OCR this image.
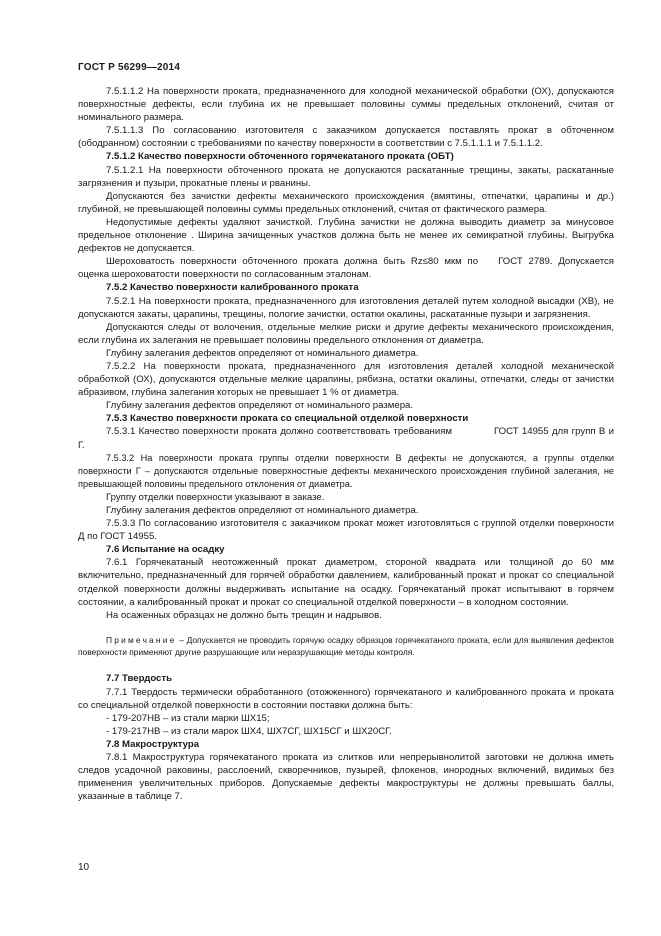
ГОСТ Р 56299—2014

7.5.1.1.2 На поверхности проката, предназначенного для холодной механической обработки (ОХ), допускаются поверхностные дефекты, если глубина их не превышает половины суммы предельных отклонений, считая от номинального размера.

7.5.1.1.3 По согласованию изготовителя с заказчиком допускается поставлять прокат в обточенном (ободранном) состоянии с требованиями по качеству поверхности в соответствии с 7.5.1.1.1 и 7.5.1.1.2.

7.5.1.2 Качество поверхности обточенного горячекатаного проката (ОБТ)

7.5.1.2.1 На поверхности обточенного проката не допускаются раскатанные трещины, закаты, раскатанные загрязнения и пузыри, прокатные плены и рванины.

Допускаются без зачистки дефекты механического происхождения (вмятины, отпечатки, царапины и др.) глубиной, не превышающей половины суммы предельных отклонений, считая от фактического размера.

Недопустимые дефекты удаляют зачисткой. Глубина зачистки не должна выводить диаметр за минусовое предельное отклонение . Ширина зачищенных участков должна быть не менее их семикратной глубины. Выгрубка дефектов не допускается.

Шероховатость поверхности обточенного проката должна быть Rz≤80 мкм по ГОСТ 2789. Допускается оценка шероховатости поверхности по согласованным эталонам.

7.5.2 Качество поверхности калиброванного проката

7.5.2.1 На поверхности проката, предназначенного для изготовления деталей путем холодной высадки (ХВ), не допускаются закаты, царапины, трещины, пологие зачистки, остатки окалины, раскатанные пузыри и загрязнения.

Допускаются следы от волочения, отдельные мелкие риски и другие дефекты механического происхождения, если глубина их залегания не превышает половины предельного отклонения от диаметра.

Глубину залегания дефектов определяют от номинального диаметра.

7.5.2.2 На поверхности проката, предназначенного для изготовления деталей холодной механической обработкой (ОХ), допускаются отдельные мелкие царапины, рябизна, остатки окалины, отпечатки, следы от зачистки абразивом, глубина залегания которых не превышает 1 % от диаметра.

Глубину залегания дефектов определяют от номинального размера.

7.5.3 Качество поверхности проката со специальной отделкой поверхности

7.5.3.1 Качество поверхности проката должно соответствовать требованиям	ГОСТ 14955 для групп В и Г.

7.5.3.2 На поверхности проката группы отделки поверхности В дефекты не допускаются, а группы отделки поверхности Г – допускаются отдельные поверхностные дефекты механического происхождения глубиной залегания, не превышающей половины предельного отклонения от диаметра.

Группу отделки поверхности указывают в заказе.

Глубину залегания дефектов определяют от номинального диаметра.

7.5.3.3 По согласованию изготовителя с заказчиком прокат может изготовляться с группой отделки поверхности Д по ГОСТ 14955.

7.6 Испытание на осадку

7.6.1 Горячекатаный неотожженный прокат диаметром, стороной квадрата или толщиной до 60 мм включительно, предназначенный для горячей обработки давлением, калиброванный прокат и прокат со специальной отделкой поверхности должны выдерживать испытание на осадку. Горячекатаный прокат испытывают в горячем состоянии, а калиброванный прокат и прокат со специальной отделкой поверхности – в холодном состоянии.

На осаженных образцах не должно быть трещин и надрывов.

Примечание – Допускается не проводить горячую осадку образцов горячекатаного проката, если для выявления дефектов поверхности применяют другие разрушающие или неразрушающие методы контроля.

7.7 Твердость

7.7.1 Твердость термически обработанного (отожженного) горячекатаного и калиброванного проката и проката со специальной отделкой поверхности в состоянии поставки должна быть:

- 179-207НВ – из стали марки ШХ15;

- 179-217НВ – из стали марок ШХ4, ШХ7СГ, ШХ15СГ и ШХ20СГ.

7.8 Макроструктура

7.8.1 Макроструктура горячекатаного проката из слитков или непрерывнолитой заготовки не должна иметь следов усадочной раковины, расслоений, скворечников, пузырей, флокенов, инородных включений, видимых без применения увеличительных приборов. Допускаемые дефекты макроструктуры не должны превышать баллы, указанные в таблице 7.

10
